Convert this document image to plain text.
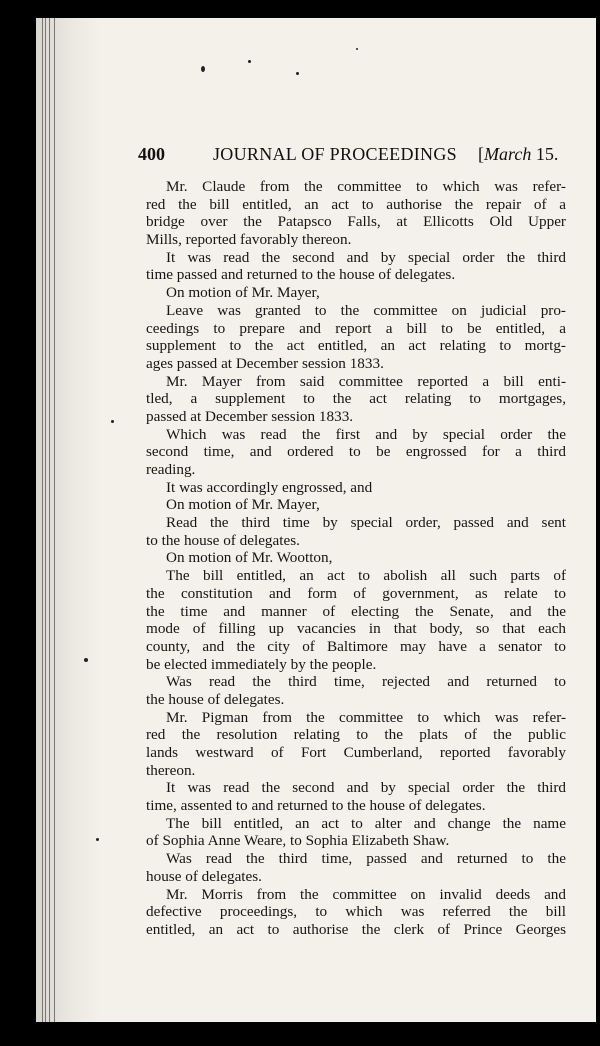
400	JOURNAL OF PROCEEDINGS [March 15.
Mr. Claude from the committee to which was refer-
red the bill entitled, an act to authorise the repair of a
bridge over the Patapsco Falls, at Ellicotts Old Upper
Mills, reported favorably thereon.
It was read the second and by special order the third
time passed and returned to the house of delegates.
On motion of Mr. Mayer,
Leave was granted to the committee on judicial pro-
ceedings to prepare and report a bill to be entitled, a
supplement to the act entitled, an act relating to mortg-
ages passed at December session 1833.
Mr. Mayer from said committee reported a bill enti-
tled, a supplement to the act relating to mortgages,
passed at December session 1833.
Which was read the first and by special order the
second time, and ordered to be engrossed for a third
reading.
It was accordingly engrossed, and
On motion of Mr. Mayer,
Read the third time by special order, passed and sent
to the house of delegates.
On motion of Mr. Wootton,
The bill entitled, an act to abolish all such parts of
the constitution and form of government, as relate to
the time and manner of electing the Senate, and the
mode of filling up vacancies in that body, so that each
county, and the city of Baltimore may have a senator to
be elected immediately by the people.
Was read the third time, rejected and returned to
the house of delegates.
Mr. Pigman from the committee to which was refer-
red the resolution relating to the plats of the public
lands westward of Fort Cumberland, reported favorably
thereon.
It was read the second and by special order the third
time, assented to and returned to the house of delegates.
The bill entitled, an act to alter and change the name
of Sophia Anne Weare, to Sophia Elizabeth Shaw.
Was read the third time, passed and returned to the
house of delegates.
Mr. Morris from the committee on invalid deeds and
defective proceedings, to which was referred the bill
entitled, an act to authorise the clerk of Prince Georges
